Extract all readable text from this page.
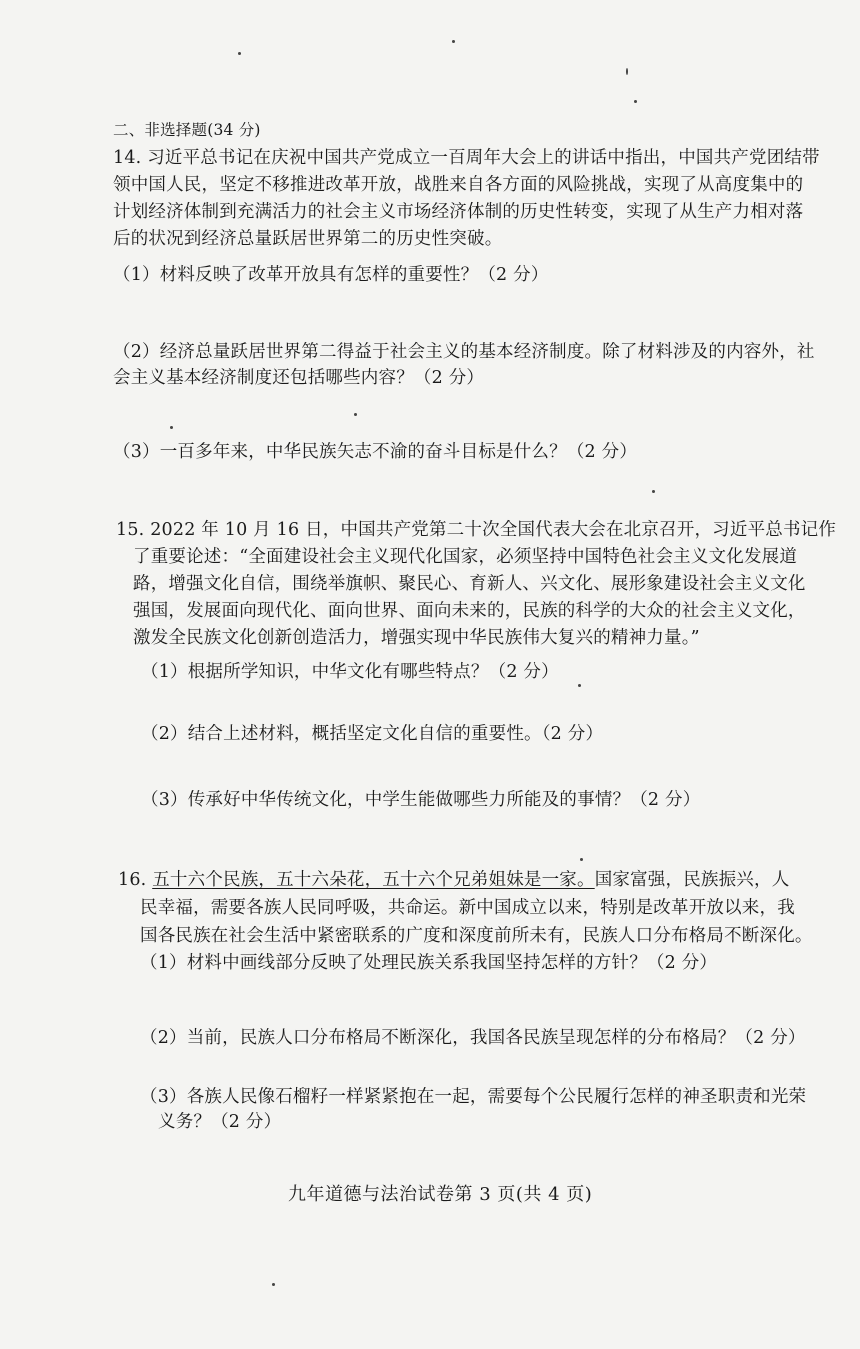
二、非选择题(34 分)
14. 习近平总书记在庆祝中国共产党成立一百周年大会上的讲话中指出，中国共产党团结带
领中国人民，坚定不移推进改革开放，战胜来自各方面的风险挑战，实现了从高度集中的
计划经济体制到充满活力的社会主义市场经济体制的历史性转变，实现了从生产力相对落
后的状况到经济总量跃居世界第二的历史性突破。
（1）材料反映了改革开放具有怎样的重要性？（2 分）
（2）经济总量跃居世界第二得益于社会主义的基本经济制度。除了材料涉及的内容外，社
会主义基本经济制度还包括哪些内容？（2 分）
（3）一百多年来，中华民族矢志不渝的奋斗目标是什么？（2 分）
15. 2022 年 10 月 16 日，中国共产党第二十次全国代表大会在北京召开，习近平总书记作
了重要论述：“全面建设社会主义现代化国家，必须坚持中国特色社会主义文化发展道
路，增强文化自信，围绕举旗帜、聚民心、育新人、兴文化、展形象建设社会主义文化
强国，发展面向现代化、面向世界、面向未来的，民族的科学的大众的社会主义文化，
激发全民族文化创新创造活力，增强实现中华民族伟大复兴的精神力量。”
（1）根据所学知识，中华文化有哪些特点？（2 分）
（2）结合上述材料，概括坚定文化自信的重要性。（2 分）
（3）传承好中华传统文化，中学生能做哪些力所能及的事情？（2 分）
16. 五十六个民族，五十六朵花，五十六个兄弟姐妹是一家。国家富强，民族振兴，人
民幸福，需要各族人民同呼吸，共命运。新中国成立以来，特别是改革开放以来，我
国各民族在社会生活中紧密联系的广度和深度前所未有，民族人口分布格局不断深化。
（1）材料中画线部分反映了处理民族关系我国坚持怎样的方针？（2 分）
（2）当前，民族人口分布格局不断深化，我国各民族呈现怎样的分布格局？（2 分）
（3）各族人民像石榴籽一样紧紧抱在一起，需要每个公民履行怎样的神圣职责和光荣
义务？（2 分）
九年道德与法治试卷第 3 页(共 4 页)
